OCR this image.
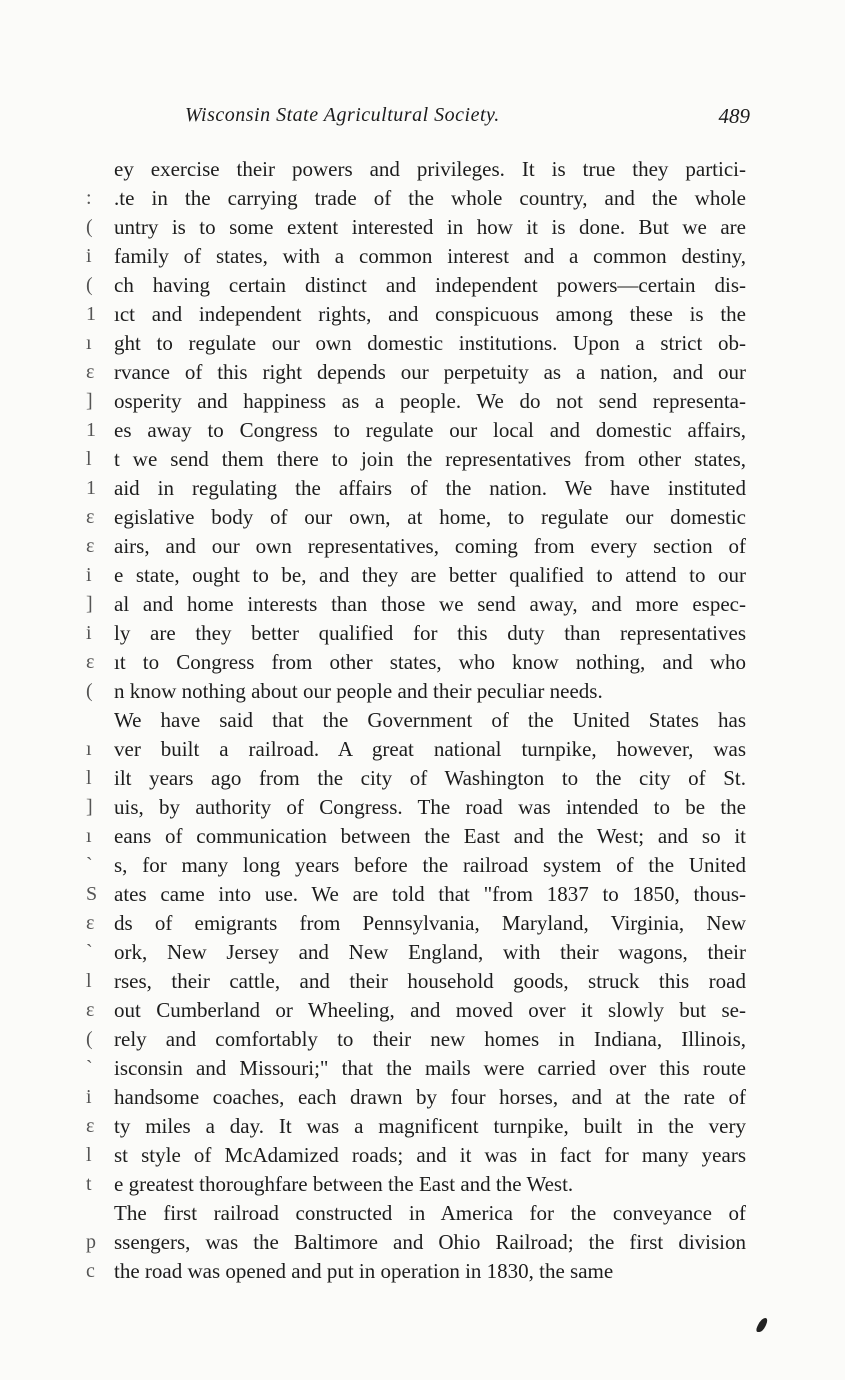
Wisconsin State Agricultural Society.	489
ey exercise their powers and privileges. It is true they partici-
.te in the carrying trade of the whole country, and the whole
untry is to some extent interested in how it is done. But we are
family of states, with a common interest and a common destiny,
ch having certain distinct and independent powers—certain dis-
ıct and independent rights, and conspicuous among these is the
ght to regulate our own domestic institutions. Upon a strict ob-
rvance of this right depends our perpetuity as a nation, and our
osperity and happiness as a people. We do not send representa-
es away to Congress to regulate our local and domestic affairs,
t we send them there to join the representatives from other states,
aid in regulating the affairs of the nation. We have instituted
egislative body of our own, at home, to regulate our domestic
airs, and our own representatives, coming from every section of
e state, ought to be, and they are better qualified to attend to our
al and home interests than those we send away, and more espec-
ly are they better qualified for this duty than representatives
ıt to Congress from other states, who know nothing, and who
n know nothing about our people and their peculiar needs.
We have said that the Government of the United States has
ver built a railroad. A great national turnpike, however, was
ilt years ago from the city of Washington to the city of St.
uis, by authority of Congress. The road was intended to be the
eans of communication between the East and the West; and so it
s, for many long years before the railroad system of the United
ates came into use. We are told that "from 1837 to 1850, thous-
ds of emigrants from Pennsylvania, Maryland, Virginia, New
ork, New Jersey and New England, with their wagons, their
rses, their cattle, and their household goods, struck this road
out Cumberland or Wheeling, and moved over it slowly but se-
rely and comfortably to their new homes in Indiana, Illinois,
isconsin and Missouri;" that the mails were carried over this route
handsome coaches, each drawn by four horses, and at the rate of
ty miles a day. It was a magnificent turnpike, built in the very
st style of McAdamized roads; and it was in fact for many years
e greatest thoroughfare between the East and the West.
The first railroad constructed in America for the conveyance of
ssengers, was the Baltimore and Ohio Railroad; the first division
the road was opened and put in operation in 1830, the same
:
(
i
(
1
ı
ε
]
1
l
1
ε
ε
i
]
i
ε
(
ı
l
]
ı
`
S
ε
`
l
ε
(
`
i
ε
l
t
p
c
